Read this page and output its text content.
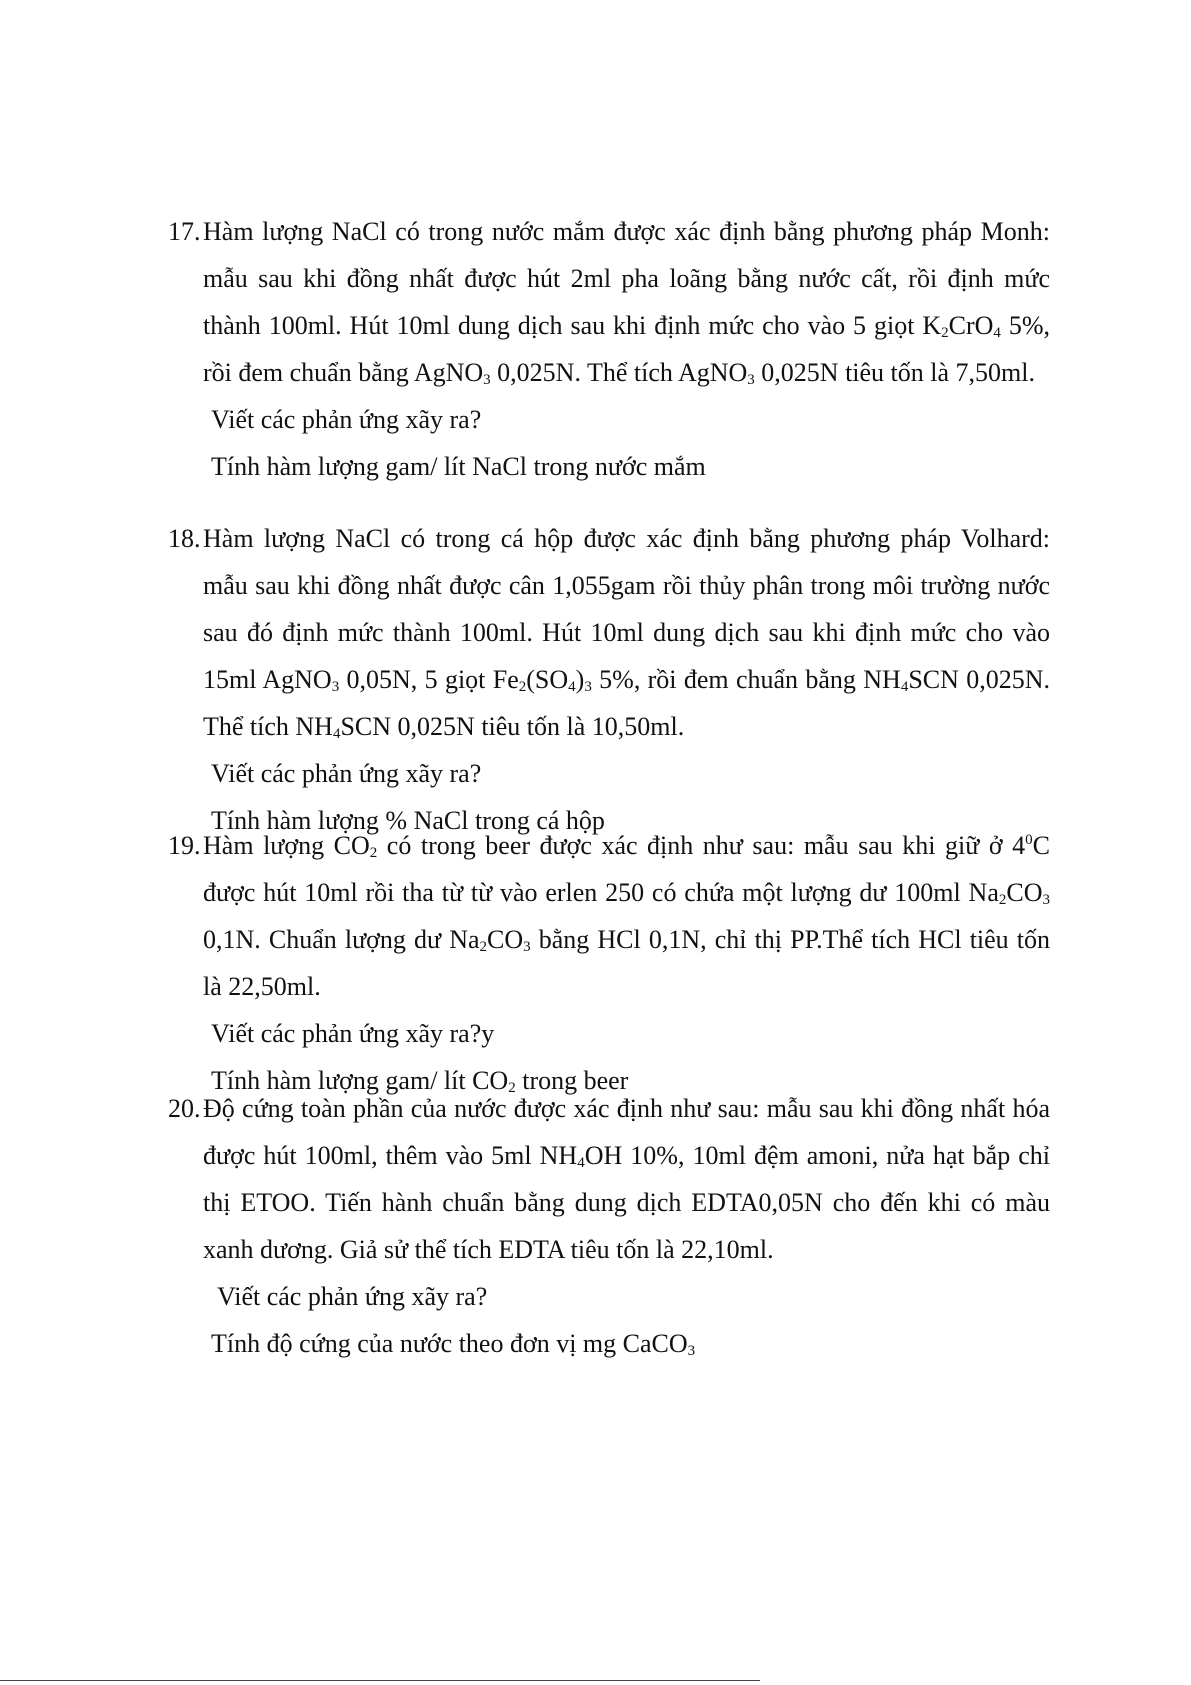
17. Hàm lượng NaCl có trong nước mắm được xác định bằng phương pháp Monh: mẫu sau khi đồng nhất được hút 2ml pha loãng bằng nước cất, rồi định mức thành 100ml. Hút 10ml dung dịch sau khi định mức cho vào 5 giọt $K_2CrO_4$ 5%, rồi đem chuẩn bằng AgNO$_3$ 0,025N. Thể tích AgNO$_3$ 0,025N tiêu tốn là 7,50ml.
Viết các phản ứng xãy ra?
Tính hàm lượng gam/ lít NaCl trong nước mắm
18. Hàm lượng NaCl có trong cá hộp được xác định bằng phương pháp Volhard: mẫu sau khi đồng nhất được cân 1,055gam rồi thủy phân trong môi trường nước sau đó định mức thành 100ml. Hút 10ml dung dịch sau khi định mức cho vào 15ml AgNO$_3$ 0,05N, 5 giọt $Fe_2(SO_4)_3$ 5%, rồi đem chuẩn bằng $NH_4SCN$ 0,025N. Thể tích $NH_4SCN$ 0,025N tiêu tốn là 10,50ml.
Viết các phản ứng xãy ra?
Tính hàm lượng % NaCl trong cá hộp
19. Hàm lượng $CO_2$ có trong beer được xác định như sau: mẫu sau khi giữ ở $4^0C$ được hút 10ml rồi tha từ từ vào erlen 250 có chứa một lượng dư 100ml $Na_2CO_3$ 0,1N. Chuẩn lượng dư $Na_2CO_3$ bằng HCl 0,1N, chỉ thị PP.Thể tích HCl tiêu tốn là 22,50ml.
Viết các phản ứng xãy ra?y
Tính hàm lượng gam/ lít $CO_2$ trong beer
20. Độ cứng toàn phần của nước được xác định như sau: mẫu sau khi đồng nhất hóa được hút 100ml, thêm vào 5ml $NH_4OH$ 10%, 10ml đệm amoni, nửa hạt bắp chỉ thị ETOO. Tiến hành chuẩn bằng dung dịch EDTA0,05N cho đến khi có màu xanh dương. Giả sử thể tích EDTA tiêu tốn là 22,10ml.
Viết các phản ứng xãy ra?
Tính độ cứng của nước theo đơn vị mg CaCO$_3$
